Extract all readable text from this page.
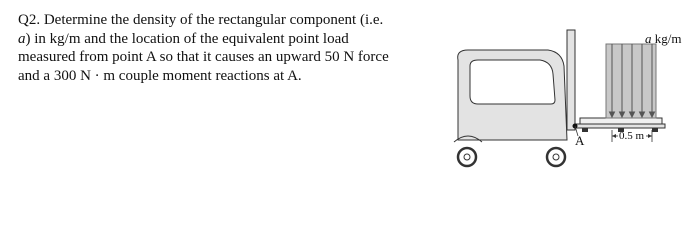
Q2. Determine the density of the rectangular component (i.e.
a) in kg/m and the location of the equivalent point load
measured from point A so that it causes an upward 50 N force
and a 300 N · m couple moment reactions at A.
a kg/m
A	0.5 m
